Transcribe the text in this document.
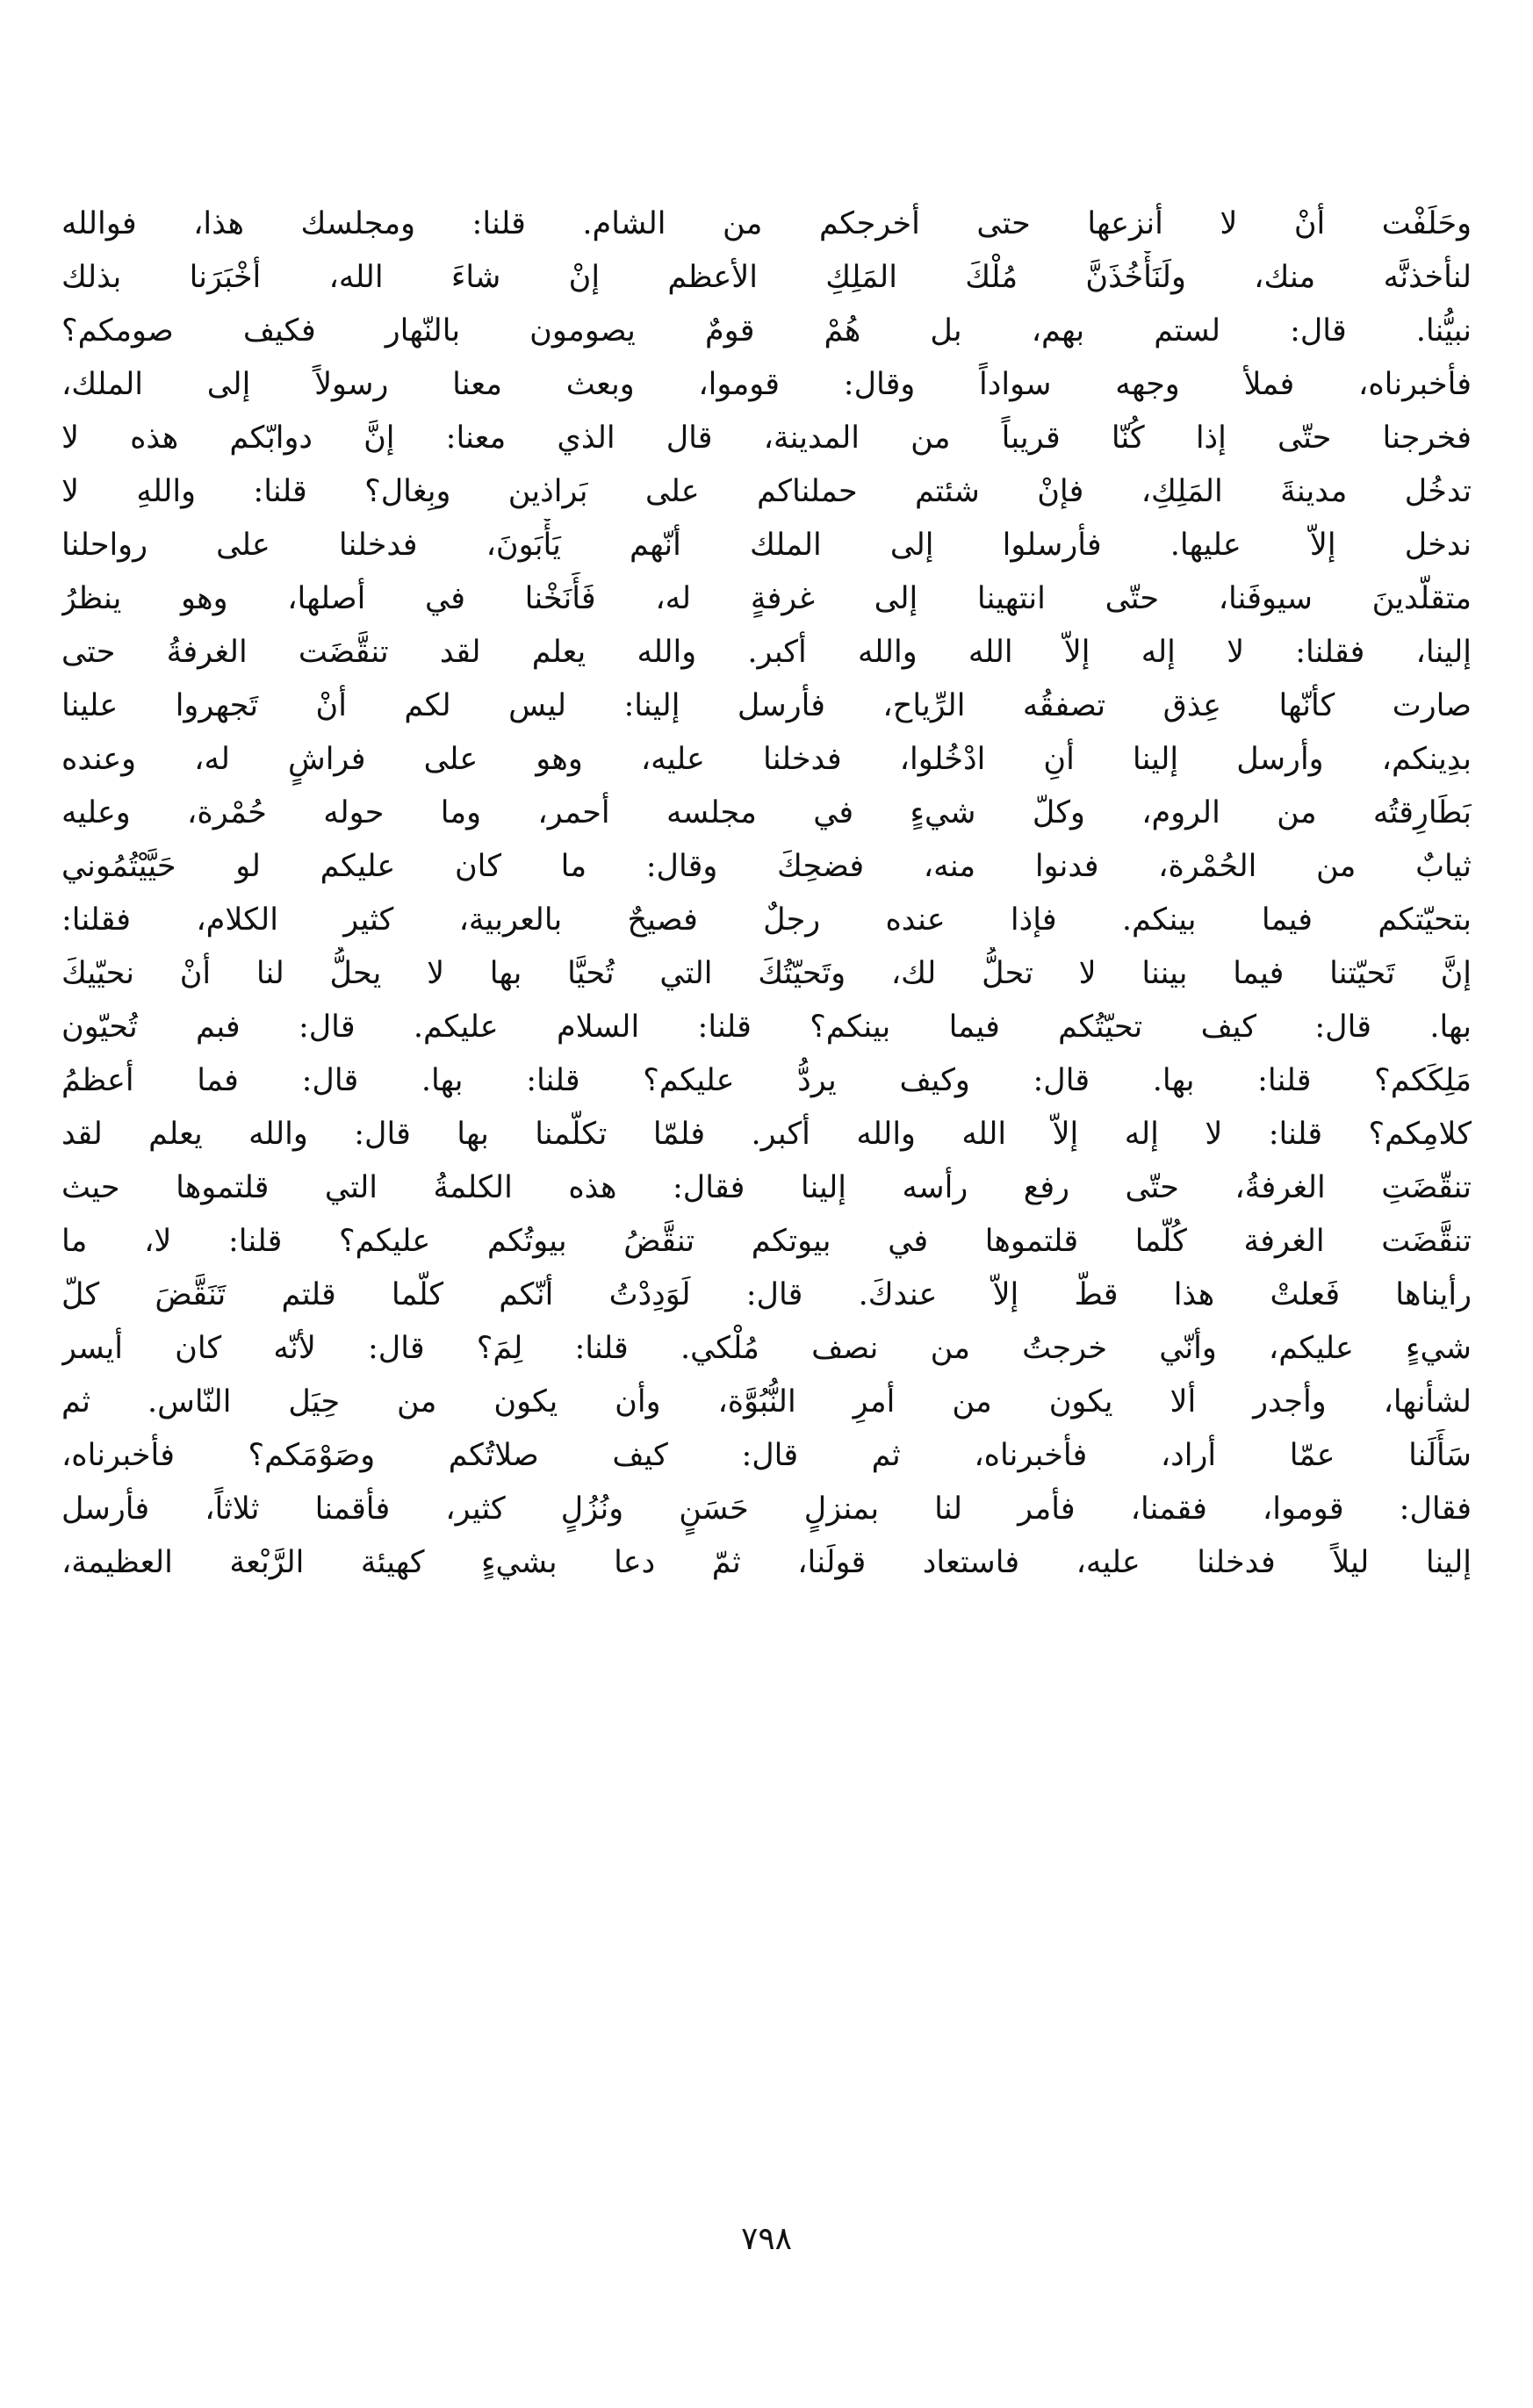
وحَلَفْت أنْ لا أنزعها حتى أخرجكم من الشام. قلنا: ومجلسك هذا، فوالله
لنأخذنَّه منك، ولَنَأْخُذَنَّ مُلْكَ المَلِكِ الأعظم إنْ شاءَ الله، أخْبَرَنا بذلك
نبيُّنا. قال: لستم بهم، بل هُمْ قومٌ يصومون بالنّهار فكيف صومكم؟
فأخبرناه، فملأ وجهه سواداً وقال: قوموا، وبعث معنا رسولاً إلى الملك،
فخرجنا حتّى إذا كُنّا قريباً من المدينة، قال الذي معنا: إنَّ دوابّكم هذه لا
تدخُل مدينةَ المَلِكِ، فإنْ شئتم حملناكم على بَراذين وبِغال؟ قلنا: واللهِ لا
ندخل إلاّ عليها. فأرسلوا إلى الملك أنّهم يَأْبَونَ، فدخلنا على رواحلنا
متقلّدينَ سيوفَنا، حتّى انتهينا إلى غرفةٍ له، فَأَنَخْنا في أصلها، وهو ينظرُ
إلينا، فقلنا: لا إله إلاّ الله والله أكبر. والله يعلم لقد تنقَّضَت الغرفةُ حتى
صارت كأنّها عِذق تصفقُه الرِّياح، فأرسل إلينا: ليس لكم أنْ تَجهروا علينا
بدِينكم، وأرسل إلينا أنِ ادْخُلوا، فدخلنا عليه، وهو على فراشٍ له، وعنده
بَطَارِقتُه من الروم، وكلّ شيءٍ في مجلسه أحمر، وما حوله حُمْرة، وعليه
ثيابٌ من الحُمْرة، فدنوا منه، فضحِكَ وقال: ما كان عليكم لو حَيَّيْتُمُوني
بتحيّتكم فيما بينكم. فإذا عنده رجلٌ فصيحٌ بالعربية، كثير الكلام، فقلنا:
إنَّ تَحيّتنا فيما بيننا لا تحلُّ لك، وتَحيّتُكَ التي تُحيَّا بها لا يحلُّ لنا أنْ نحيّيكَ
بها. قال: كيف تحيّتُكم فيما بينكم؟ قلنا: السلام عليكم. قال: فبم تُحيّون
مَلِكَكم؟ قلنا: بها. قال: وكيف يردُّ عليكم؟ قلنا: بها. قال: فما أعظمُ
كلامِكم؟ قلنا: لا إله إلاّ الله والله أكبر. فلمّا تكلّمنا بها قال: والله يعلم لقد
تنقّضَتِ الغرفةُ، حتّى رفع رأسه إلينا فقال: هذه الكلمةُ التي قلتموها حيث
تنقَّضَت الغرفة كُلّما قلتموها في بيوتكم تنقَّضُ بيوتُكم عليكم؟ قلنا: لا، ما
رأيناها فَعلتْ هذا قطّ إلاّ عندكَ. قال: لَوَدِدْتُ أنّكم كلّما قلتم تَنَقَّضَ كلّ
شيءٍ عليكم، وأنّي خرجتُ من نصف مُلْكي. قلنا: لِمَ؟ قال: لأنّه كان أيسر
لشأنها، وأجدر ألا يكون من أمرِ النُّبُوَّة، وأن يكون من حِيَل النّاس. ثم
سَأَلَنا عمّا أراد، فأخبرناه، ثم قال: كيف صلاتُكم وصَوْمَكم؟ فأخبرناه،
فقال: قوموا، فقمنا، فأمر لنا بمنزلٍ حَسَنٍ ونُزُلٍ كثير، فأقمنا ثلاثاً، فأرسل
إلينا ليلاً فدخلنا عليه، فاستعاد قولَنا، ثمّ دعا بشيءٍ كهيئة الرَّبْعة العظيمة،
٧٩٨
